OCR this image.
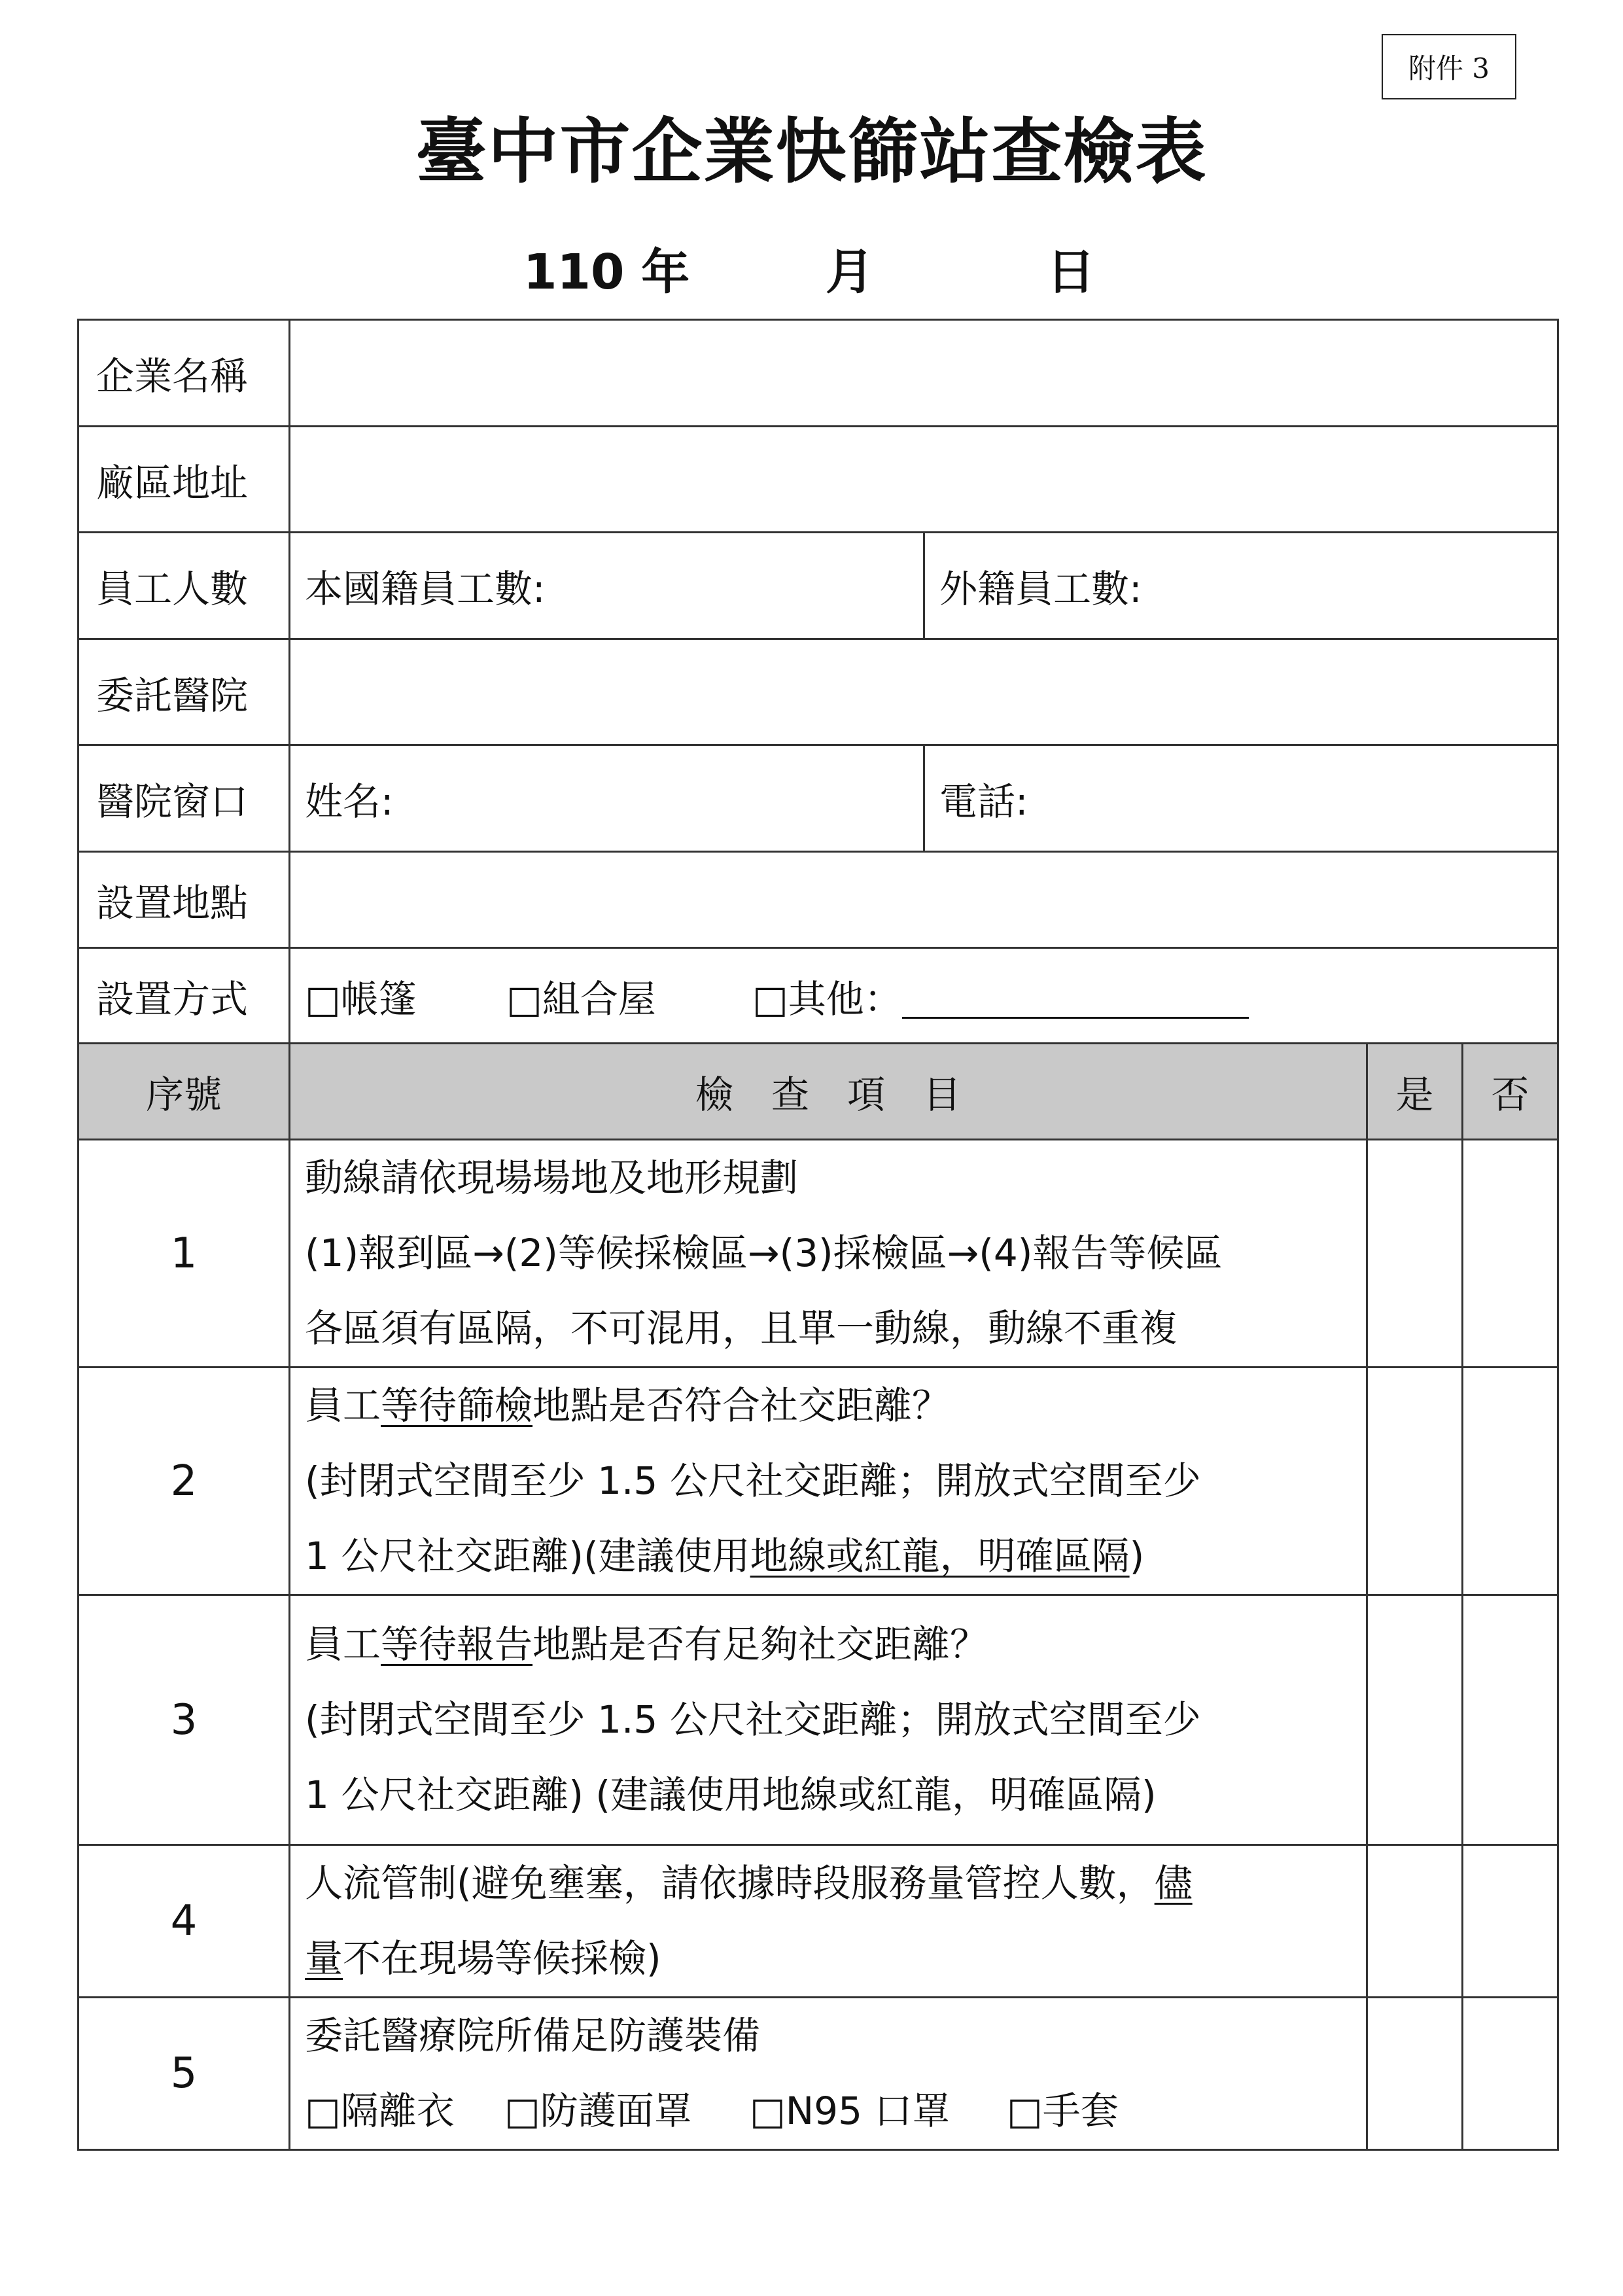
附件 3
臺中市企業快篩站查檢表
110 年	月	日
企業名稱				
廠區地址				
員工人數	本國籍員工數:	外籍員工數:		
委託醫院				
醫院窗口	姓名:	電話:		
設置地點				
設置方式	□帳篷 □組合屋 □其他：			
序號	檢　查　項　目		是	否
1	動線請依現場場地及地形規劃
(1)報到區→(2)等候採檢區→(3)採檢區→(4)報告等候區
各區須有區隔，不可混用，且單一動線，動線不重複			

2	員工等待篩檢地點是否符合社交距離？
(封閉式空間至少 1.5 公尺社交距離；開放式空間至少
1 公尺社交距離)(建議使用地線或紅龍，明確區隔)			

3	員工等待報告地點是否有足夠社交距離？
(封閉式空間至少 1.5 公尺社交距離；開放式空間至少
1 公尺社交距離) (建議使用地線或紅龍，明確區隔)			

4	人流管制(避免壅塞，請依據時段服務量管控人數，儘
量不在現場等候採檢)			

5	委託醫療院所備足防護裝備
□隔離衣 □防護面罩 □N95 口罩 □手套			
